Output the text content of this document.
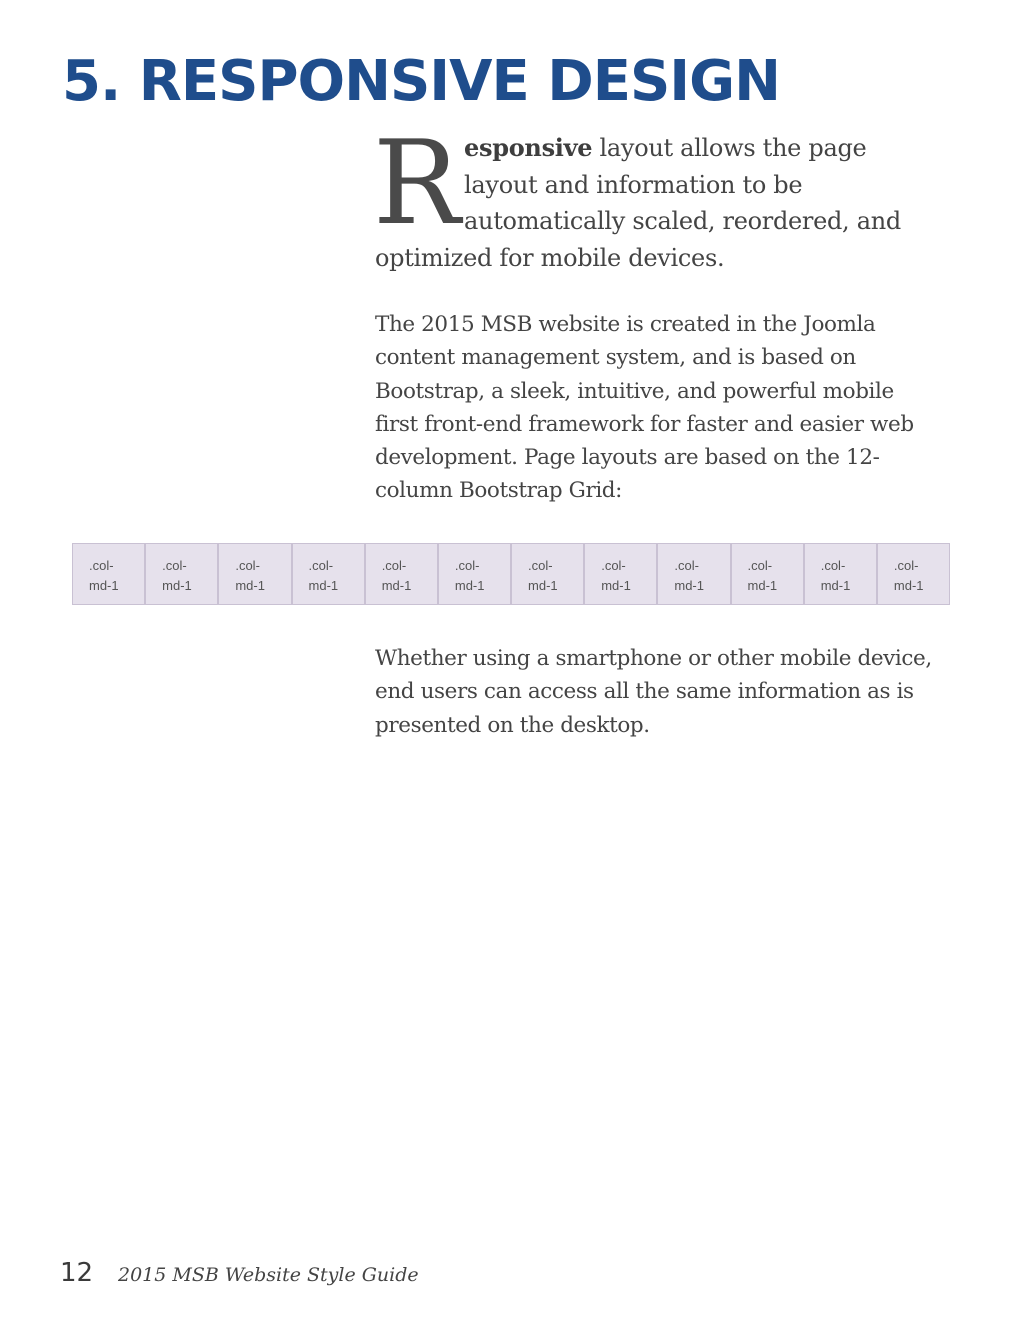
5. RESPONSIVE DESIGN

Responsive layout allows the page layout and information to be automatically scaled, reordered, and optimized for mobile devices.

The 2015 MSB website is created in the Joomla content management system, and is based on Bootstrap, a sleek, intuitive, and powerful mobile first front-end framework for faster and easier web development. Page layouts are based on the 12-column Bootstrap Grid:

.col-
md-1
.col-
md-1
.col-
md-1
.col-
md-1
.col-
md-1
.col-
md-1
.col-
md-1
.col-
md-1
.col-
md-1
.col-
md-1
.col-
md-1
.col-
md-1

Whether using a smartphone or other mobile device, end users can access all the same information as is presented on the desktop.

12 2015 MSB Website Style Guide
